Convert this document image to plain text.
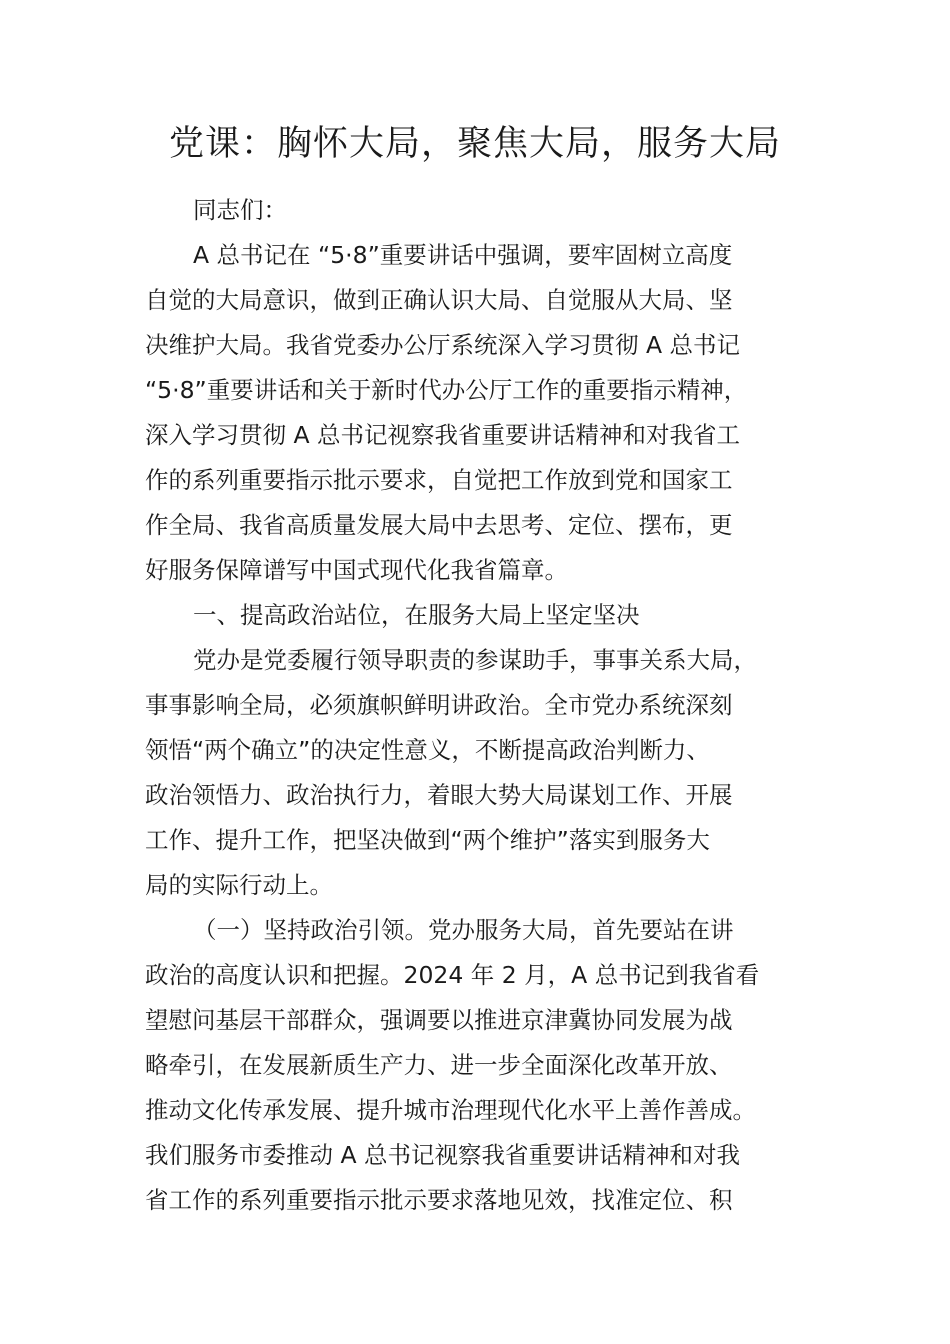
党课：胸怀大局，聚焦大局，服务大局
同志们：
A 总书记在 “5·8”重要讲话中强调，要牢固树立高度
自觉的大局意识，做到正确认识大局、自觉服从大局、坚
决维护大局。我省党委办公厅系统深入学习贯彻 A 总书记
“5·8”重要讲话和关于新时代办公厅工作的重要指示精神，
深入学习贯彻 A 总书记视察我省重要讲话精神和对我省工
作的系列重要指示批示要求，自觉把工作放到党和国家工
作全局、我省高质量发展大局中去思考、定位、摆布，更
好服务保障谱写中国式现代化我省篇章。
一、提高政治站位，在服务大局上坚定坚决
党办是党委履行领导职责的参谋助手，事事关系大局，
事事影响全局，必须旗帜鲜明讲政治。全市党办系统深刻
领悟“两个确立”的决定性意义，不断提高政治判断力、
政治领悟力、政治执行力，着眼大势大局谋划工作、开展
工作、提升工作，把坚决做到“两个维护”落实到服务大
局的实际行动上。
（一）坚持政治引领。党办服务大局，首先要站在讲
政治的高度认识和把握。2024 年 2 月，A 总书记到我省看
望慰问基层干部群众，强调要以推进京津冀协同发展为战
略牵引，在发展新质生产力、进一步全面深化改革开放、
推动文化传承发展、提升城市治理现代化水平上善作善成。
我们服务市委推动 A 总书记视察我省重要讲话精神和对我
省工作的系列重要指示批示要求落地见效，找准定位、积
